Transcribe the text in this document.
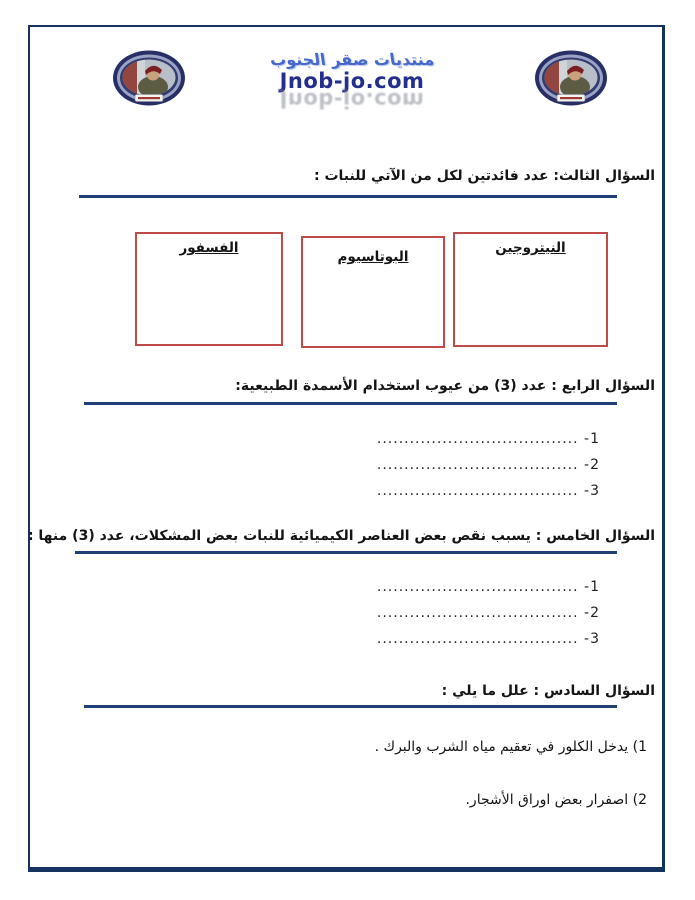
منتديات صقر الجنوب
Jnob-jo.com
Jnob-jo.com
السؤال الثالث: عدد فائدتين لكل من الآتي للنبات :
النيتروجين
البوتاسيوم
الفسفور
السؤال الرابع : عدد (3) من عيوب استخدام الأسمدة الطبيعية:
1- .....................................
2- .....................................
3- .....................................
السؤال الخامس : يسبب نقص بعض العناصر الكيميائية للنبات بعض المشكلات، عدد (3) منها :
1- .....................................
2- .....................................
3- .....................................
السؤال السادس : علل ما يلي :
1) يدخل الكلور في تعقيم مياه الشرب والبرك .
2) اصفرار بعض اوراق الأشجار.
